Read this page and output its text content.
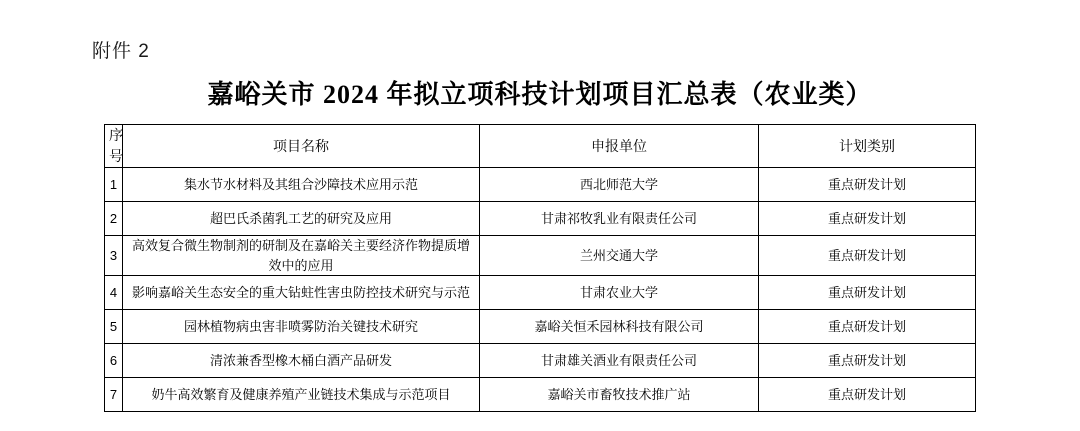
附件 2
嘉峪关市 2024 年拟立项科技计划项目汇总表（农业类）
序号	项目名称	申报单位	计划类别
1	集水节水材料及其组合沙障技术应用示范	西北师范大学	重点研发计划
2	超巴氏杀菌乳工艺的研究及应用	甘肃祁牧乳业有限责任公司	重点研发计划
3	高效复合微生物制剂的研制及在嘉峪关主要经济作物提质增效中的应用	兰州交通大学	重点研发计划
4	影响嘉峪关生态安全的重大钻蛀性害虫防控技术研究与示范	甘肃农业大学	重点研发计划
5	园林植物病虫害非喷雾防治关键技术研究	嘉峪关恒禾园林科技有限公司	重点研发计划
6	清浓兼香型橡木桶白酒产品研发	甘肃雄关酒业有限责任公司	重点研发计划
7	奶牛高效繁育及健康养殖产业链技术集成与示范项目	嘉峪关市畜牧技术推广站	重点研发计划
